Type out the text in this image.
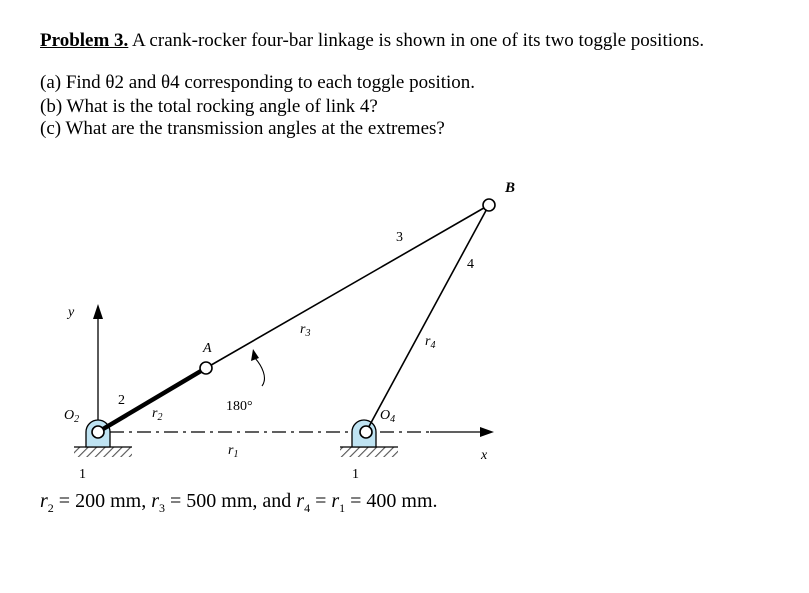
Problem 3. A crank-rocker four-bar linkage is shown in one of its two toggle positions.
(a) Find θ2 and θ4 corresponding to each toggle position.
(b) What is the total rocking angle of link 4?
(c) What are the transmission angles at the extremes?
B
3
4
$r_3$
$r_4$
A
180°
2
$r_2$
$O_2$	$O_4$
$r_1$
y
x
1	1
$r_2 = 200$ mm, $r_3 = 500$ mm, and $r_4 = r_1 = 400$ mm.
